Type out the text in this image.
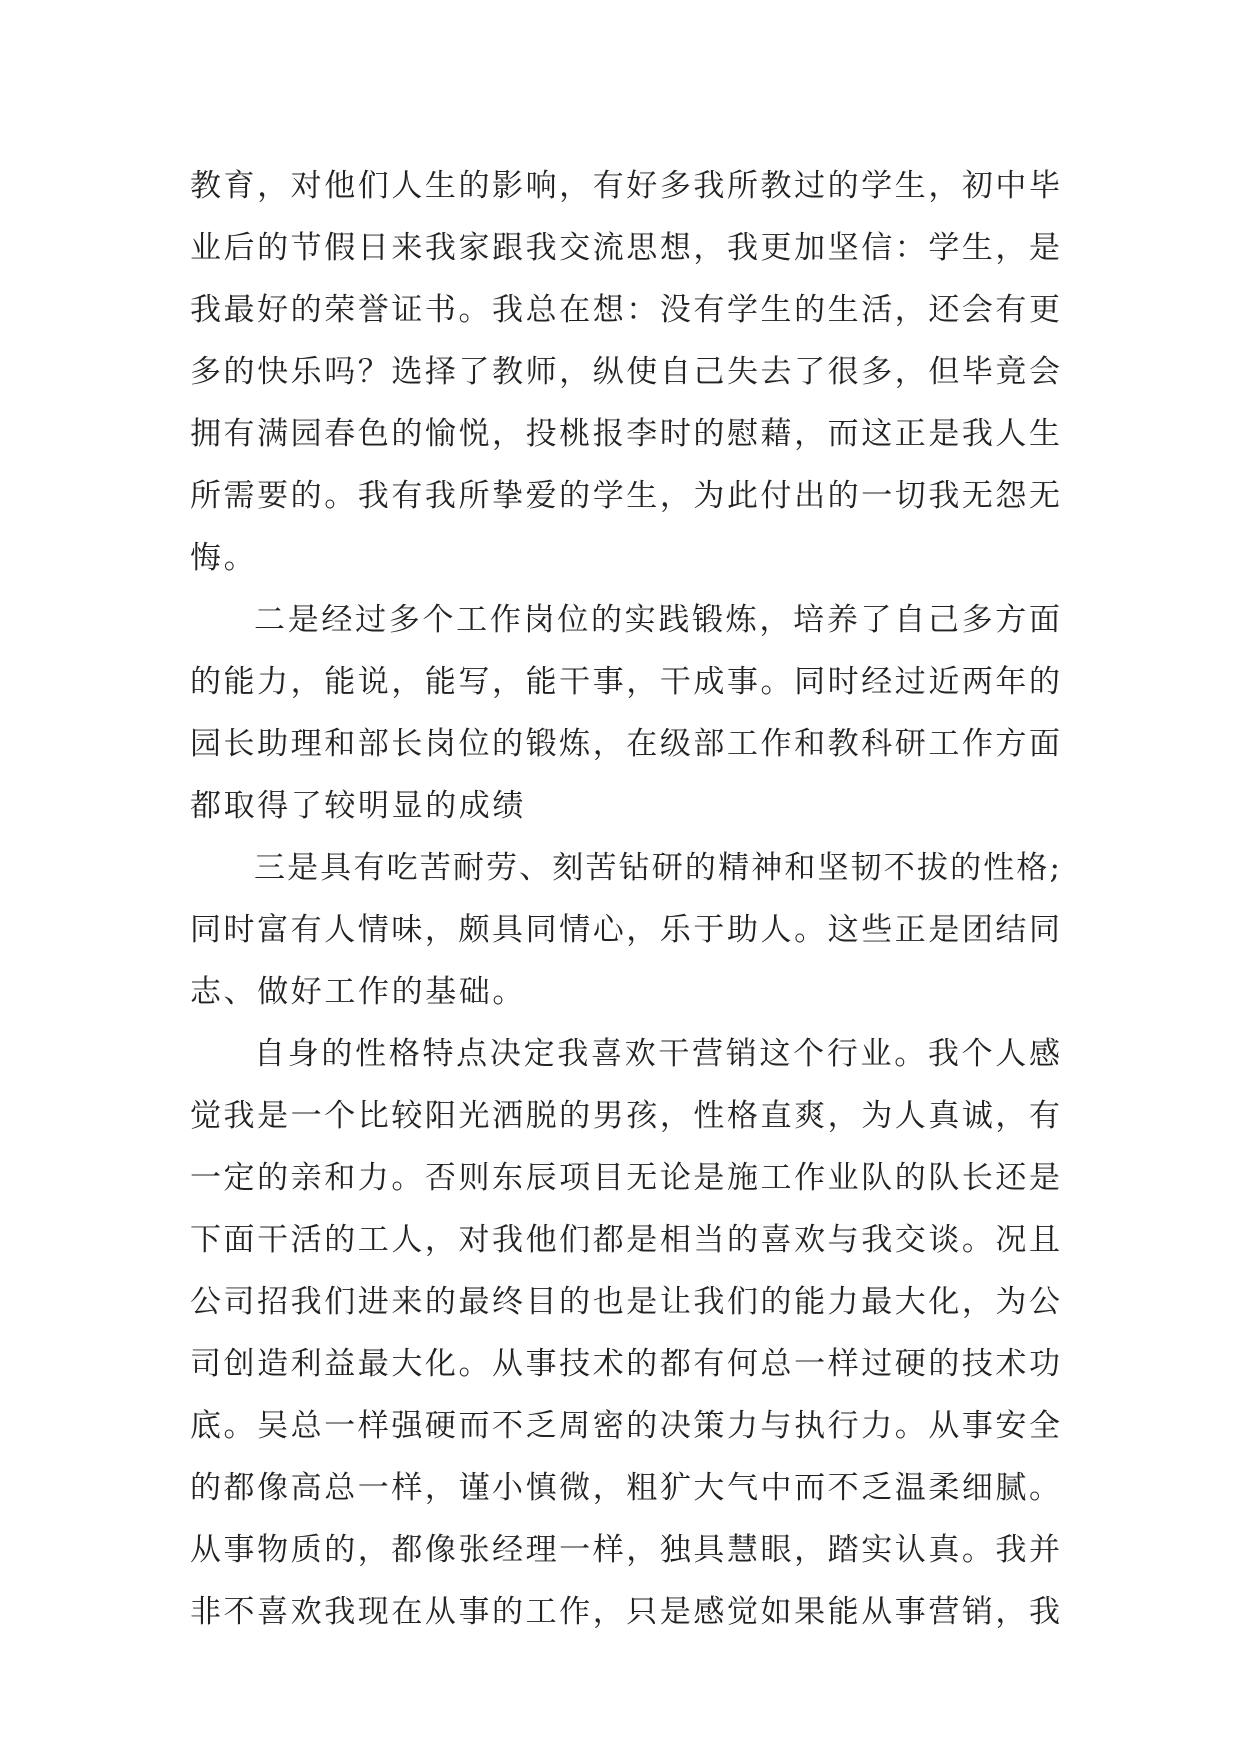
教育，对他们人生的影响，有好多我所教过的学生，初中毕
业后的节假日来我家跟我交流思想，我更加坚信：学生，是
我最好的荣誉证书。我总在想：没有学生的生活，还会有更
多的快乐吗？选择了教师，纵使自己失去了很多，但毕竟会
拥有满园春色的愉悦，投桃报李时的慰藉，而这正是我人生
所需要的。我有我所挚爱的学生，为此付出的一切我无怨无
悔。
二是经过多个工作岗位的实践锻炼，培养了自己多方面
的能力，能说，能写，能干事，干成事。同时经过近两年的
园长助理和部长岗位的锻炼，在级部工作和教科研工作方面
都取得了较明显的成绩
三是具有吃苦耐劳、刻苦钻研的精神和坚韧不拔的性格;
同时富有人情味，颇具同情心，乐于助人。这些正是团结同
志、做好工作的基础。
自身的性格特点决定我喜欢干营销这个行业。我个人感
觉我是一个比较阳光洒脱的男孩，性格直爽，为人真诚，有
一定的亲和力。否则东辰项目无论是施工作业队的队长还是
下面干活的工人，对我他们都是相当的喜欢与我交谈。况且
公司招我们进来的最终目的也是让我们的能力最大化，为公
司创造利益最大化。从事技术的都有何总一样过硬的技术功
底。吴总一样强硬而不乏周密的决策力与执行力。从事安全
的都像高总一样，谨小慎微，粗犷大气中而不乏温柔细腻。
从事物质的，都像张经理一样，独具慧眼，踏实认真。我并
非不喜欢我现在从事的工作，只是感觉如果能从事营销，我
